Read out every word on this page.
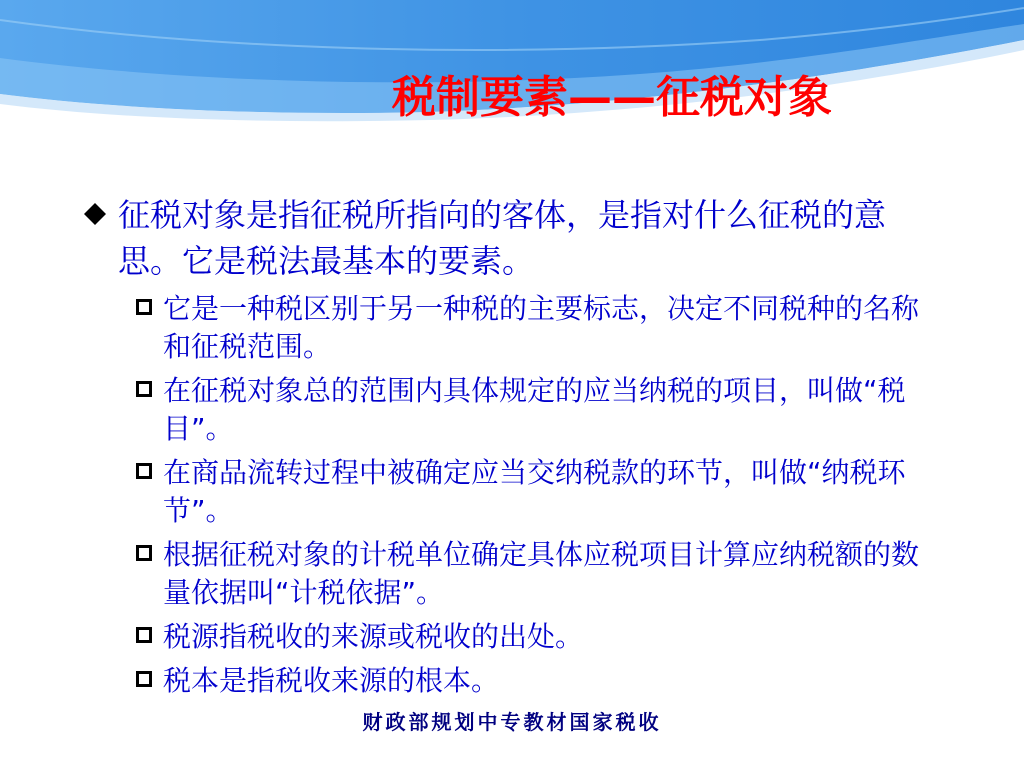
税制要素——征税对象
征税对象是指征税所指向的客体，是指对什么征税的意思。它是税法最基本的要素。
它是一种税区别于另一种税的主要标志，决定不同税种的名称和征税范围。
在征税对象总的范围内具体规定的应当纳税的项目，叫做“税目”。
在商品流转过程中被确定应当交纳税款的环节，叫做“纳税环节”。
根据征税对象的计税单位确定具体应税项目计算应纳税额的数量依据叫“计税依据”。
税源指税收的来源或税收的出处。
税本是指税收来源的根本。
财政部规划中专教材国家税收
